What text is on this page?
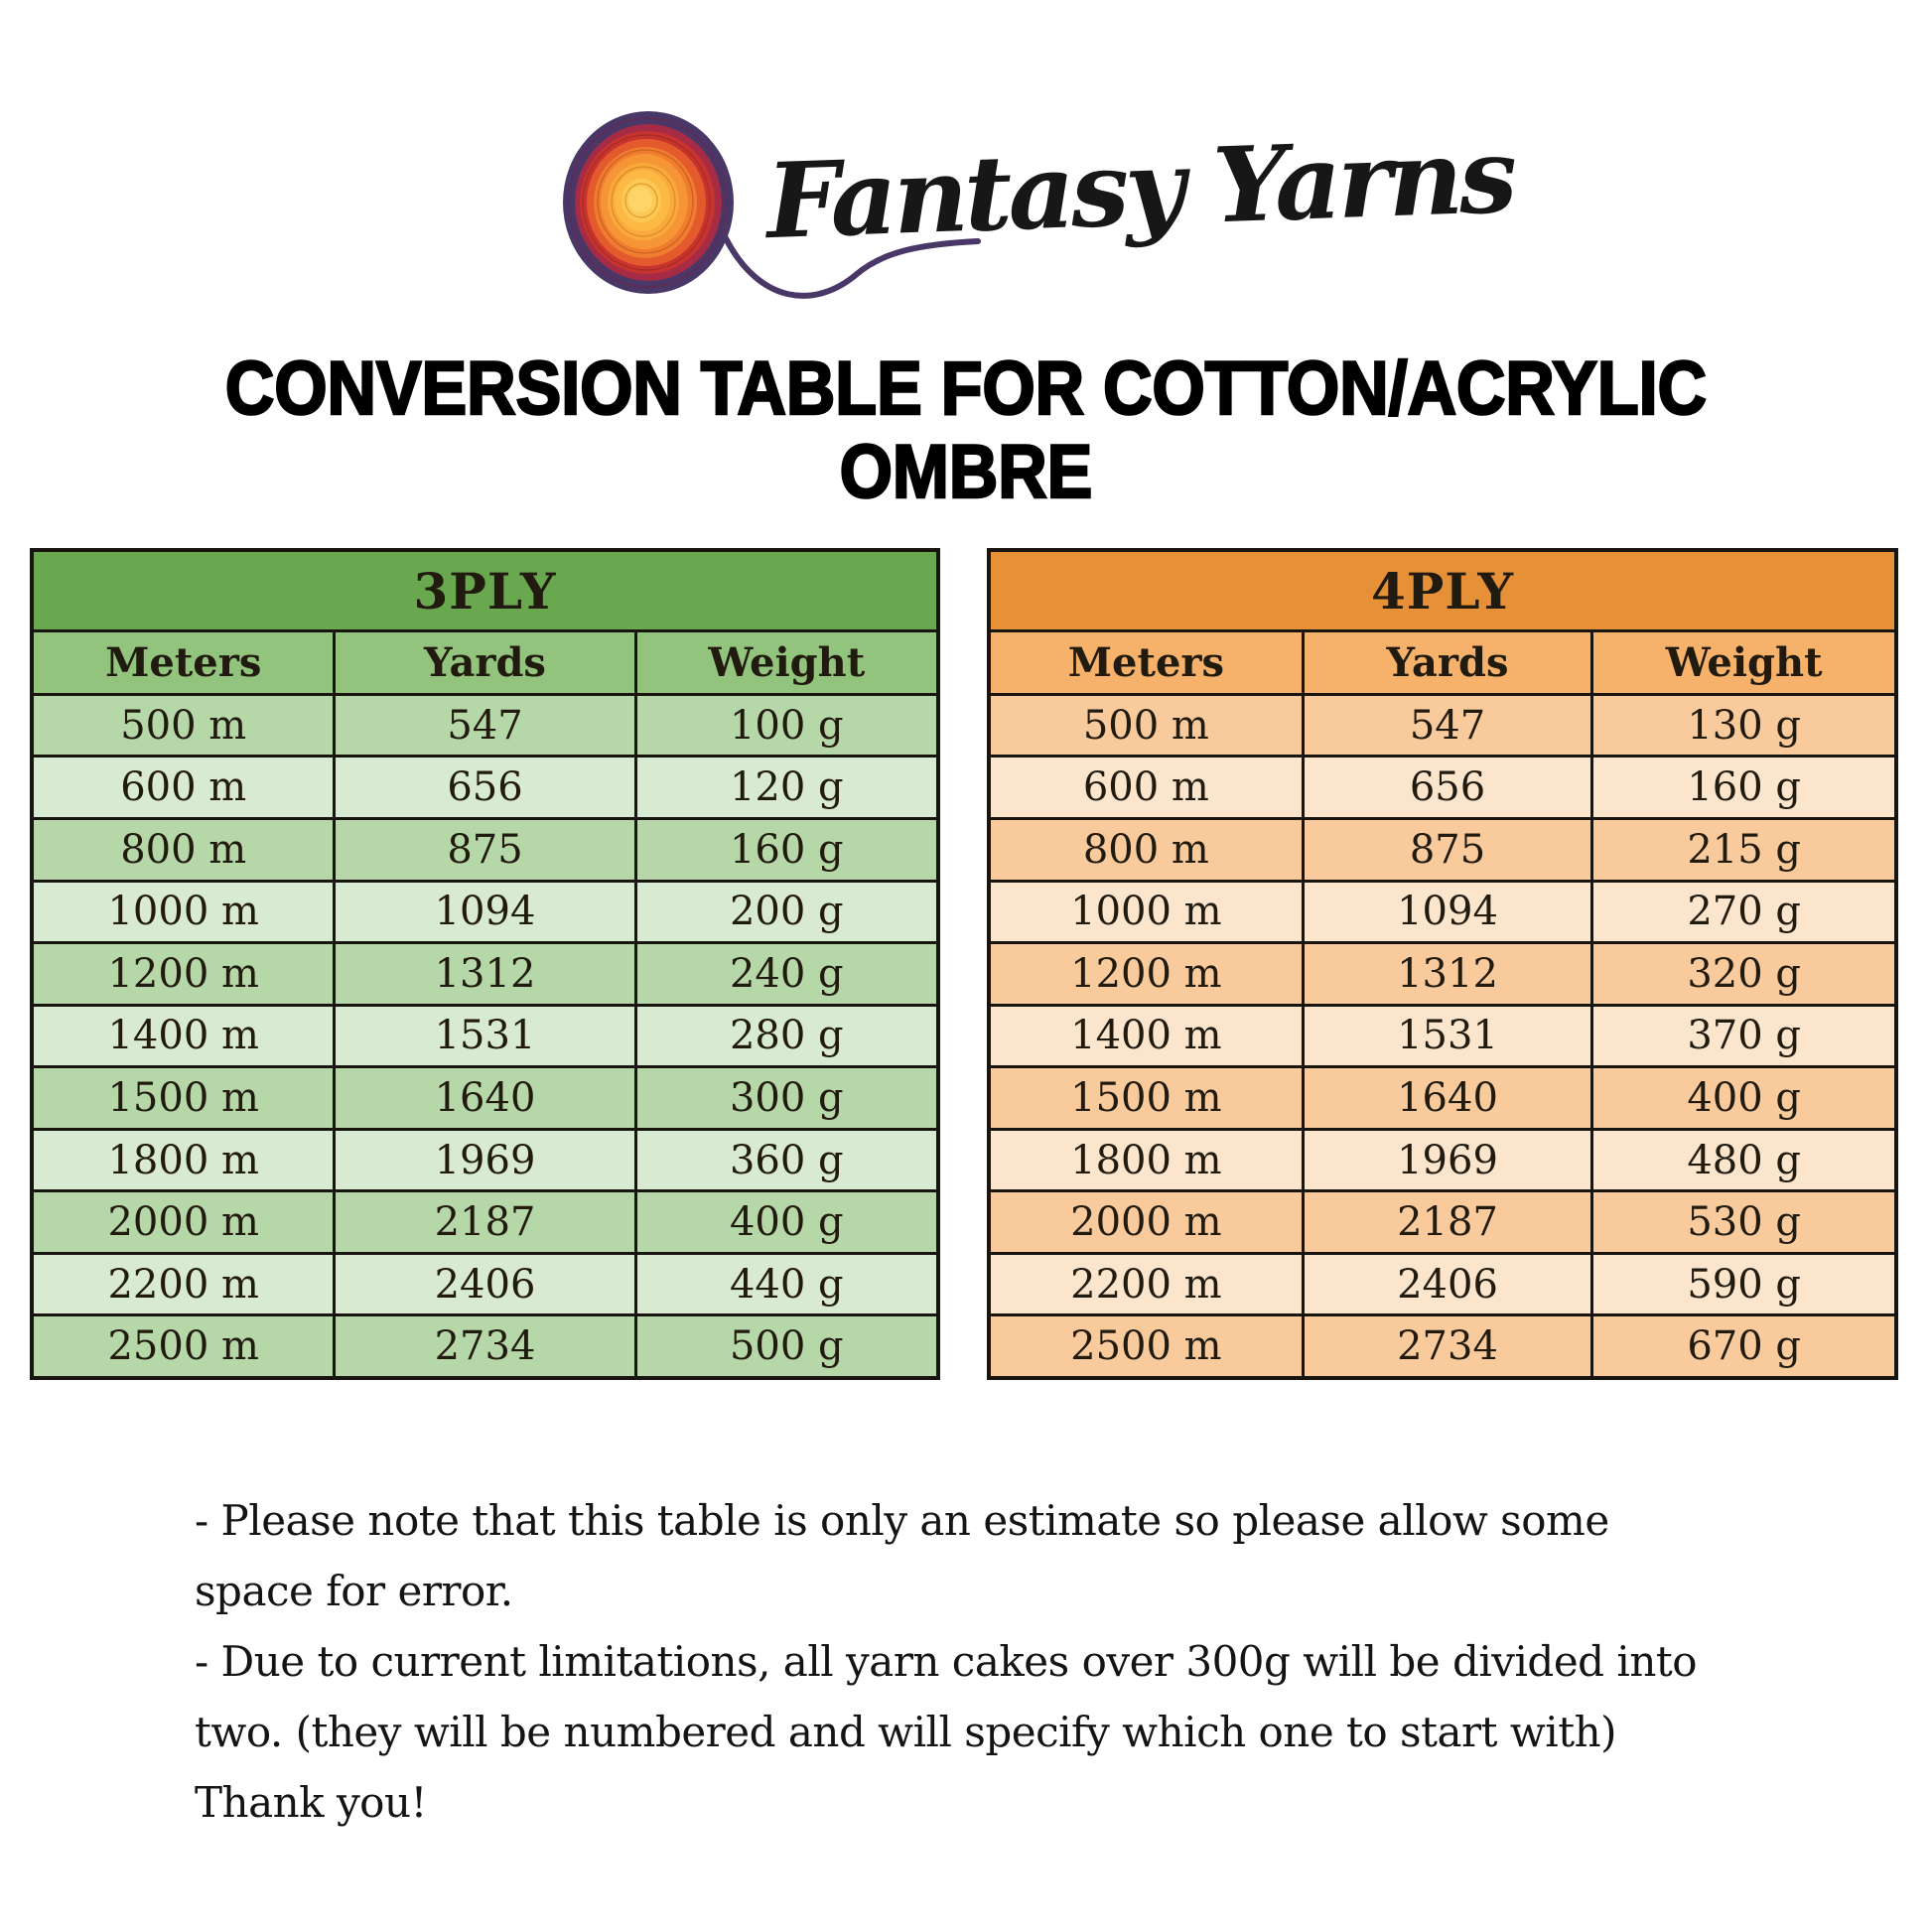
Fantasy Yarns
CONVERSION TABLE FOR COTTON/ACRYLIC
OMBRE
3PLY		
Meters	Yards	Weight
500 m	547	100 g
600 m	656	120 g
800 m	875	160 g
1000 m	1094	200 g
1200 m	1312	240 g
1400 m	1531	280 g
1500 m	1640	300 g
1800 m	1969	360 g
2000 m	2187	400 g
2200 m	2406	440 g
2500 m	2734	500 g
4PLY		
Meters	Yards	Weight
500 m	547	130 g
600 m	656	160 g
800 m	875	215 g
1000 m	1094	270 g
1200 m	1312	320 g
1400 m	1531	370 g
1500 m	1640	400 g
1800 m	1969	480 g
2000 m	2187	530 g
2200 m	2406	590 g
2500 m	2734	670 g
- Please note that this table is only an estimate so please allow some
space for error.
- Due to current limitations, all yarn cakes over 300g will be divided into
two. (they will be numbered and will specify which one to start with)
Thank you!
